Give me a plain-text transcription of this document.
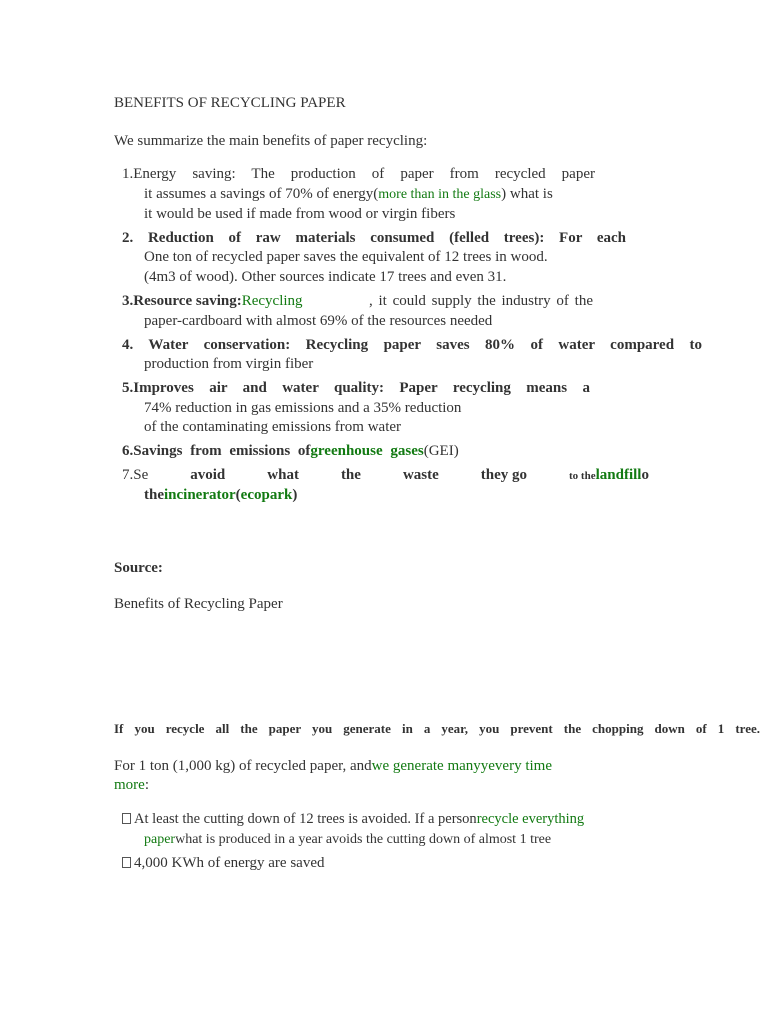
BENEFITS OF RECYCLING PAPER
We summarize the main benefits of paper recycling:
1.Energy saving: The production of paper from recycled paper
it assumes a savings of 70% of energy(more than in the glass) what is
it would be used if made from wood or virgin fibers
2. Reduction of raw materials consumed (felled trees): For each
One ton of recycled paper saves the equivalent of 12 trees in wood.
(4m3 of wood). Other sources indicate 17 trees and even 31.
3.Resource saving:Recycling	, it could supply the industry of the
paper-cardboard with almost 69% of the resources needed
4. Water conservation: Recycling paper saves 80% of water compared to
production from virgin fiber
5.Improves air and water quality: Paper recycling means a
74% reduction in gas emissions and a 35% reduction
of the contaminating emissions from water
6.Savings from emissions ofgreenhouse gases(GEI)
7.Se	avoid	what	the	waste	they go	to thelandfillo
theincinerator(ecopark)
Source:
Benefits of Recycling Paper
If you recycle all the paper you generate in a year, you prevent the chopping down of 1 tree.
For 1 ton (1,000 kg) of recycled paper, andwe generate manyyevery time
more:
At least the cutting down of 12 trees is avoided. If a personrecycle everything
paperwhat is produced in a year avoids the cutting down of almost 1 tree
4,000 KWh of energy are saved
